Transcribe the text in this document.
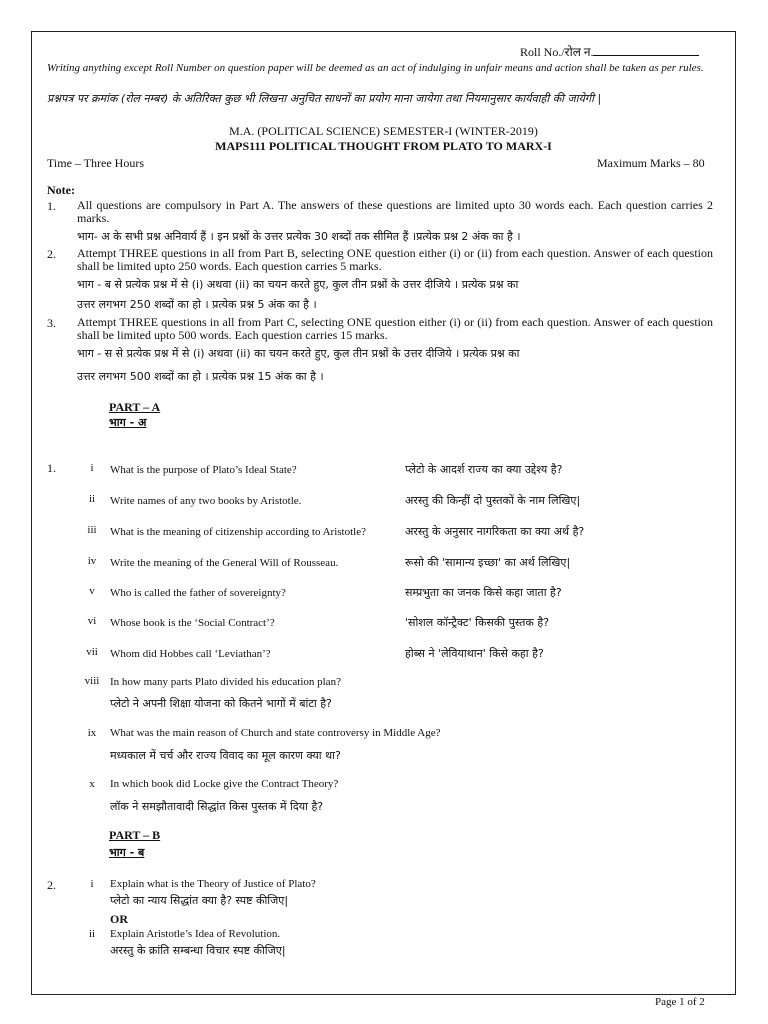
Roll No./रोल न.
Writing anything except Roll Number on question paper will be deemed as an act of indulging in unfair means and action shall be taken as per rules.
प्रश्नपत्र पर क्रमांक (रोल नम्बर) के अतिरिक्त कुछ भी लिखना अनुचित साधनों का प्रयोग माना जायेगा तथा नियमानुसार कार्यवाही की जायेगी |
M.A. (POLITICAL SCIENCE) SEMESTER-I (WINTER-2019)
MAPS111 POLITICAL THOUGHT FROM PLATO TO MARX-I
Time – Three Hours	Maximum Marks – 80
Note:
1. All questions are compulsory in Part A. The answers of these questions are limited upto 30 words each. Each question carries 2 marks.
भाग- अ के सभी प्रश्न अनिवार्य हैं । इन प्रश्नों के उत्तर प्रत्येक 30 शब्दों तक सीमित हैं ।प्रत्येक प्रश्न 2 अंक का है ।
2. Attempt THREE questions in all from Part B, selecting ONE question either (i) or (ii) from each question. Answer of each question shall be limited upto 250 words. Each question carries 5 marks.
भाग - ब से प्रत्येक प्रश्न में से (i) अथवा (ii) का चयन करते हुए, कुल तीन प्रश्नों के उत्तर दीजिये । प्रत्येक प्रश्न का
उत्तर लगभग 250 शब्दों का हो । प्रत्येक प्रश्न 5 अंक का है ।
3. Attempt THREE questions in all from Part C, selecting ONE question either (i) or (ii) from each question. Answer of each question shall be limited upto 500 words. Each question carries 15 marks.
भाग - स से प्रत्येक प्रश्न में से (i) अथवा (ii) का चयन करते हुए, कुल तीन प्रश्नों के उत्तर दीजिये । प्रत्येक प्रश्न का
उत्तर लगभग 500 शब्दों का हो । प्रत्येक प्रश्न 15 अंक का है ।
PART – A
भाग - अ
1.	i	What is the purpose of Plato’s Ideal State?	प्लेटो के आदर्श राज्य का क्या उद्देश्य है?
ii	Write names of any two books by Aristotle.	अरस्तु की किन्हीं दो पुस्तकों के नाम लिखिए|
iii	What is the meaning of citizenship according to Aristotle?	अरस्तु के अनुसार नागरिकता का क्या अर्थ है?
iv	Write the meaning of the General Will of Rousseau.	रूसो की 'सामान्य इच्छा' का अर्थ लिखिए|
v	Who is called the father of sovereignty?	सम्प्रभुता का जनक किसे कहा जाता है?
vi	Whose book is the ‘Social Contract’?	'सोशल कॉन्ट्रैक्ट' किसकी पुस्तक है?
vii	Whom did Hobbes call ‘Leviathan’?	होब्स ने 'लेवियाथान' किसे कहा है?
viii In how many parts Plato divided his education plan?
प्लेटो ने अपनी शिक्षा योजना को कितने भागों में बांटा है?
ix	What was the main reason of Church and state controversy in Middle Age?
मध्यकाल में चर्च और राज्य विवाद का मूल कारण क्या था?
x	In which book did Locke give the Contract Theory?
लॉक ने समझौतावादी सिद्धांत किस पुस्तक में दिया है?
PART – B
भाग - ब
2.	i	Explain what is the Theory of Justice of Plato?
प्लेटो का न्याय सिद्धांत क्या है? स्पष्ट कीजिए|
OR
ii	Explain Aristotle’s Idea of Revolution.
अरस्तु के क्रांति सम्बन्धा विचार स्पष्ट कीजिए|
Page 1 of 2
